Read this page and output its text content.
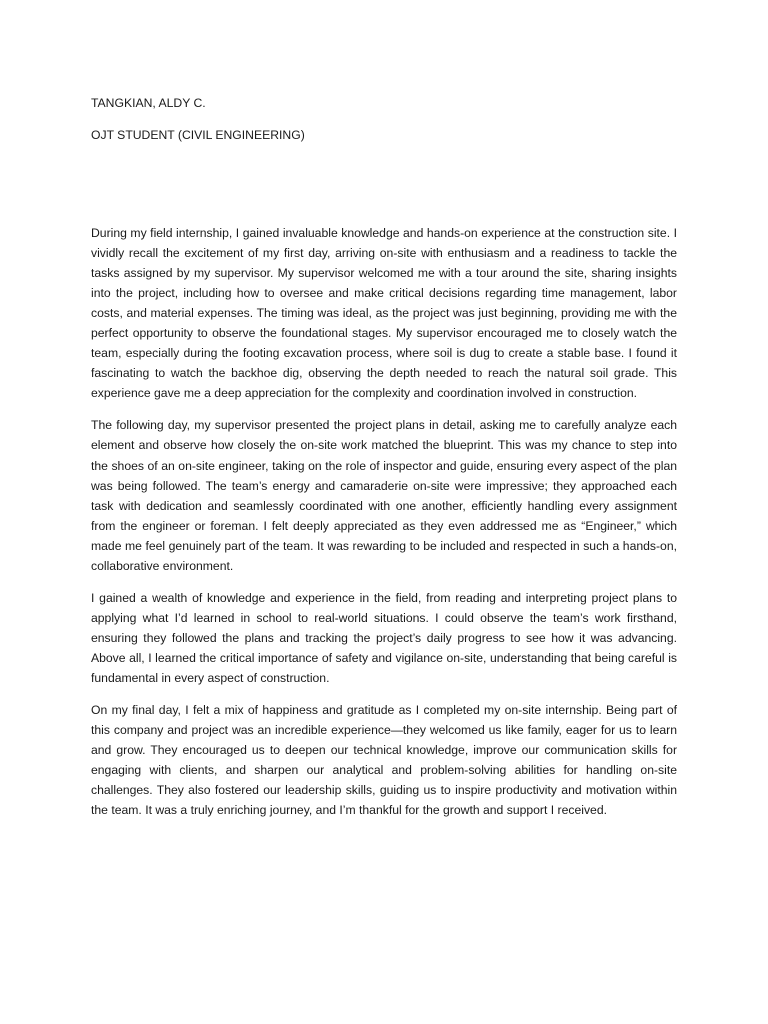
TANGKIAN, ALDY C.

OJT STUDENT (CIVIL ENGINEERING)

During my field internship, I gained invaluable knowledge and hands-on experience at the construction site. I vividly recall the excitement of my first day, arriving on-site with enthusiasm and a readiness to tackle the tasks assigned by my supervisor. My supervisor welcomed me with a tour around the site, sharing insights into the project, including how to oversee and make critical decisions regarding time management, labor costs, and material expenses. The timing was ideal, as the project was just beginning, providing me with the perfect opportunity to observe the foundational stages. My supervisor encouraged me to closely watch the team, especially during the footing excavation process, where soil is dug to create a stable base. I found it fascinating to watch the backhoe dig, observing the depth needed to reach the natural soil grade. This experience gave me a deep appreciation for the complexity and coordination involved in construction.

The following day, my supervisor presented the project plans in detail, asking me to carefully analyze each element and observe how closely the on-site work matched the blueprint. This was my chance to step into the shoes of an on-site engineer, taking on the role of inspector and guide, ensuring every aspect of the plan was being followed. The team’s energy and camaraderie on-site were impressive; they approached each task with dedication and seamlessly coordinated with one another, efficiently handling every assignment from the engineer or foreman. I felt deeply appreciated as they even addressed me as “Engineer,” which made me feel genuinely part of the team. It was rewarding to be included and respected in such a hands-on, collaborative environment.

I gained a wealth of knowledge and experience in the field, from reading and interpreting project plans to applying what I’d learned in school to real-world situations. I could observe the team’s work firsthand, ensuring they followed the plans and tracking the project’s daily progress to see how it was advancing. Above all, I learned the critical importance of safety and vigilance on-site, understanding that being careful is fundamental in every aspect of construction.

On my final day, I felt a mix of happiness and gratitude as I completed my on-site internship. Being part of this company and project was an incredible experience—they welcomed us like family, eager for us to learn and grow. They encouraged us to deepen our technical knowledge, improve our communication skills for engaging with clients, and sharpen our analytical and problem-solving abilities for handling on-site challenges. They also fostered our leadership skills, guiding us to inspire productivity and motivation within the team. It was a truly enriching journey, and I’m thankful for the growth and support I received.
